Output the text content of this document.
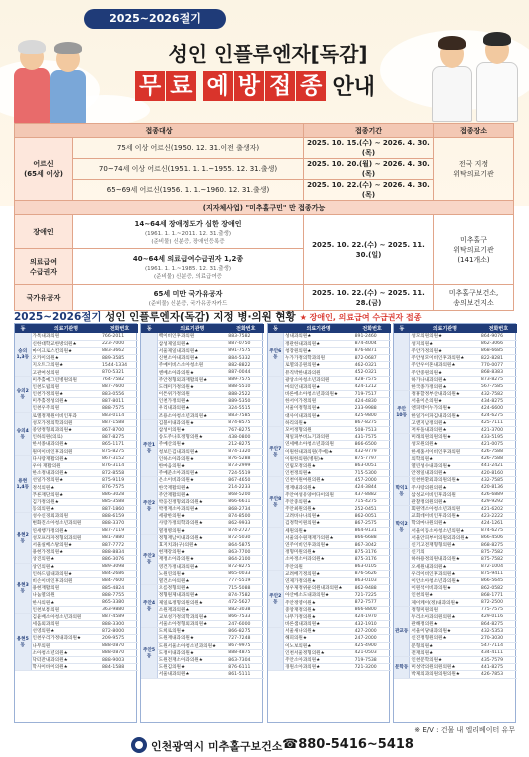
2025~2026절기
성인 인플루엔자[독감]
무 료 예 방 접 종 안내
접종대상		접종기간	접종장소
어르신
(65세 이상)	75세 이상 어르신(1950. 12. 31.이전 출생자)	2025. 10. 15.(수) ~ 2026. 4. 30.(목)	전국 지정
위탁의료기관
	70~74세 이상 어르신(1951. 1. 1.~1955. 12. 31.출생)	2025. 10. 20.(월) ~ 2026. 4. 30.(목)	
	65~69세 어르신(1956. 1. 1.~1960. 12. 31.출생)	2025. 10. 22.(수) ~ 2026. 4. 30.(목)	
(지자체사업) "미추홀구민" 만 접종가능			
장애인	14~64세 장애정도가 심한 장애인
(1961. 1. 1.~2011. 12. 31.출생)
(준비물) 신분증, 장애인등록증	2025. 10. 22.(수) ~ 2025. 11. 30.(일)	미추홀구
위탁의료기관
(141개소)
의료급여
수급권자	40~64세 의료급여수급권자 1,2종
(1961. 1. 1.~1985. 12. 31.출생)
(준비물) 신분증, 의료급여증		
국가유공자	65세 미만 국가유공자
(준비물) 신분증, 국가유공자카드	2025. 10. 22.(수) ~ 2025. 11. 28.(금)	미추홀구보건소,
송의보건지소
2025~2026절기 성인 인플루엔자(독감) 지정 병·의원 현황 ★ 장애인, 의료급여 수급권자 접종
동	의료기관명	전화번호
숭의1,3동	가톡내과의원	766-2011
	신한대학교한방의원★	223-7000
	마이크로스킨의원★	883-3662
	오카이의원★	889-3585
	지오트그의원★	1544-1334
	고관여성의원	870-5321
숭의2동	미추홀예그린병원의원	764-7582
	인천도립의원	887-7600
	인천가정의원★	883-0556
	미추홀정성의원★	887-8011
	인천우주의원	888-7575
숭의4동	로엘정재원이비인후과	883-0114
	성모가정의학과의원	887-1588
	중앙정형외과의원★	867-8700
	인하의원(의료)	887-8275
	한서종내과의원★	865-1171
	원미이비인후과의원	875-8275
용현1,4동	다사랑재활의원★	867-3152
	우아 재활의원	876-3114
	한소정내과의원★	872-8558
	선일가정의원★	875-9119
	정석의원★	876-7575
	푸른재단의원★	886-3028
	김가정의원★	885-3588
	동의의원★	887-1860
용현2동	성수신경외과의원	888-6159
	변화진소아청소년과의원	888-3370
	연세행가정의원★	887-7119
	성모프라자정형외과의원	881-7880
	서울실베스탈의원★	887-7772
	용현가정의원★	888-8834
	상진의원★	886-3076
용현3동	상인의원★	889-3098
	인하드림내과의원★	884-2686
	비손이비인후과의원	884-7600
	용현재활의원	885-4824
	나눔열의원	888-7755
	한사의원★	865-3380
	인천보통의원	363-9880
용현5동	김윤배소아청소년과의원	887-4589
	세움외과의원	888-3300
	선영의원★	872-8000
	인천우리가정내과의원★	209-9575
	나무의원	888-0870
	소아청소년의원★	888-0870
	닥터잔내과의원★	888-9003
	학사이바이의원★	884-1588
동	의료기관명	전화번호
	백이비인후과의원	883-7582
	삼성제일의원★	887-0750
	서울제일내과의원★	891-7575
	신현소아내과의원★	884-5332
	주예이비스소아청소원	882-8822
	엔베소아과의원★	887-0044
	주안정형외과재활의원★	889-7575
	도레미가정의원★	888-5510
	이튼위가정의원	888-2522
	인천가정의원★	889-5350
	우리내과의원★	324-5515
	조용소아청소년과의원★	883-7585
주안1동	김블이내과의원★	874-8575
	삼성이의원★	767-8275
	송도주나호정형의원★	438-0800
	주예산의원★	212-8275
	청보든김내과의원★	874-1320
	인하소아과의원★	876-5288
	한마음의원★	873-2999
	주예준소아과의원★	724-5519
주안2동	온소이비과의원★	867-4650
	한국재활의원★	214-2233
	주안재활의원★	868-5200
	박웅진정형외과의원★	866-6611
	박정재소아과의원★	868-2734
	세광한의원★	874-8500
	사랑가정의학과의원★	862-9933
	열정병의원★	874-2727
주안3동	정형재남이내과의원★	872-5030
	효지치과(구)의원★	864-5875
	현재강의원★	863-7700
	재정소아과의원★	864-2100
	영건가정내과의원★	872-8275
	노원연의원★	865-0033
	열건소아의원★	777-5519
주안4동	오름정형의원★	715-5088
	정형원제내과의원★	874-7582
	제일로정형의원의원★	472-5627
	소원재과의원★	882-3038
	교보성가정의학과의원★	866-7533
	서울소아정형외과의원★	247-6000
주안5동	도희로의원★	866-8275
	도원재내과의원★	727-7248
	도원서울소아청소년과의원★	867-9975
	도정이내과의원★	888-4875
	도원전재소아과의원★	863-7304
	도원김의원★	876-6111
	서울내과의원★	861-5111
동	의료기관명	전화번호
주안6동	성내과의원★	891-2460
	정관한내과의원★	874-4004
	청장원의원★	876-8871
	누가가정의학과의원	872-0687
	로열의공원의원★	462-0321
	뮤직박한내과의원	452-0321
	광상소아청소년과의원	428-7575
	마의인내과의원★	424-1212
	바른에소아청소년과의원★	719-7517
	한서이가정의원	424-4830
	서울이정형의원★	233-9988
	대사이내과의원★	425-9800
	하리의원★	867-8275
주안7동	모어정형의원	508-7513
	제일피부비뇨기과의원	431-7575
	연세배소아청소년과의원	866-6500
	이원한내과의원(주예)★	432-9779
	이원한의원(병원)★	875-7797
	인립모정의원★	863-0051
	인천정의원★	715-5300
주안8동	인천이원여원의원★	457-2000
	정재내과의원★	424-3844
	주안여성유양어다이의원	437-8882
	주안중의원★	715-4275
	주안최원의원★	252-0451
	고려바나나의원★	862-0051
	김정학이원의원★	867-2575
	세원의원★	864-9131
	서울의수원재재가의원★	866-6688
	연주이비인후과의원★	867-3042
	정형미원의원★	875-3176
	소아정소아과의원★	875-3176
	주안의원	863-0105
주안2동	교려베기정의원★	876-5626
	연제가정의원★	863-0103
	성우제정위운의원내과의원★	862-9488
	아산메소도내과의원★	721-7225
	주안정영이원★	872-7577
	중앙재정의원★	866-8800
	나무가정의원★	424-1970
	바른샘내과의원★	432-1910
	서울새나의원★	427-2000
	해피의원★	247-2000
	이노보의원★	425-4900
	인천서울정형의원★	421-0503
	주안소아과의원★	719-7538
	경원소아과의원★	721-3200
동	의료기관명	전화번호
	성모의원의원★	864-9076
	성지의원★	862-3066
	주안가정의원★	868-6685
	주안성모이비인후과의원★	822-8281
	주안우이혼내과의원★	770-0077
	주안중원의원★	868-8383
	하가나내과의원★	873-8275
	한국종가정의원★	567-7585
주안10동	정휴할정부산내과의원★	432-7582
	서울이온의원★	434-8275
	엔피텍이누가의원★	424-6600
	한일가이파김내과의원★	424-6275
	고앤지남정의원★	425-7111
	저루돌내과의원★	421-3700
	미래의원의원의원★	433-5195
	성모원의원★	421-0075
	한세홈서이비인후과의원	426-7588
	의학의원★	426-7588
	열린성수내과의원★	441-2421
	안정일내과의원★	420-8160
학익1동	인천한환외과의원의원★	432-7585
	주사랑의원의원★	420-8136
	삼성교이비인후과의원	426-6889
	관찰정의원의원★	429-9292
학익2동	회원엑소아청소년과의원	421-6202
	교회데이비인후과의원★	423-2222
	학의마나원의원★	424-1261
	서울이동소아청소년의원★	874-6275
	서울안피부이의원외과의원★	866-4506
	신기고전재형형의원★	868-8275
	신기의	875-7582
	하하용정의원내과의원★	875-7582
	오세원내과의원★	872-1004
	우리이비인후과의원★	875-9411
	이안소아청소년과의원★	866-5645
	이원석이비과의원★	862-0582
	인천의원★	868-1771
	제이케이(정)내과의원★	872-2500
관교동	정형미원의원	775-7575
	두리소아과의원의원★	429-0116
	관해정의원★	864-8275
	서울이당내과의원★	432-5353
	신진정형원의원★	270-3030
	문형의원★	547-7114
	전재의원★	434-4111
문학동	인천문학의원★	435-7579
	미성약의원의원의원★	441-8275
	박제의과의원의원의원★	426-7853
※ E/V : 건물 내 엘리베이터 유무
인천광역시 미추홀구보건소 ☎880-5416~5418
